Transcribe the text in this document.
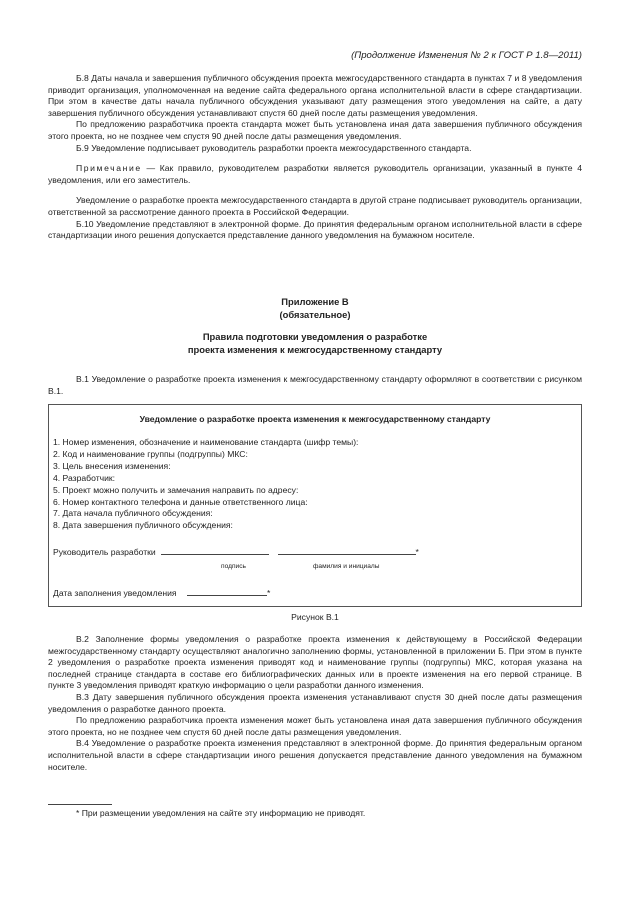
(Продолжение Изменения № 2 к ГОСТ Р 1.8—2011)

Б.8 Даты начала и завершения публичного обсуждения проекта межгосударственного стандарта в пунктах 7 и 8 уведомления приводит организация, уполномоченная на ведение сайта федерального органа исполнительной власти в сфере стандартизации. При этом в качестве даты начала публичного обсуждения указывают дату размещения этого уведомления на сайте, а дату завершения публичного обсуждения устанавливают спустя 60 дней после даты размещения уведомления.

По предложению разработчика проекта стандарта может быть установлена иная дата завершения публичного обсуждения этого проекта, но не позднее чем спустя 90 дней после даты размещения уведомления.

Б.9 Уведомление подписывает руководитель разработки проекта межгосударственного стандарта.

Примечание — Как правило, руководителем разработки является руководитель организации, указанный в пункте 4 уведомления, или его заместитель.

Уведомление о разработке проекта межгосударственного стандарта в другой стране подписывает руководитель организации, ответственной за рассмотрение данного проекта в Российской Федерации.

Б.10 Уведомление представляют в электронной форме. До принятия федеральным органом исполнительной власти в сфере стандартизации иного решения допускается представление данного уведомления на бумажном носителе.

Приложение В
(обязательное)
Правила подготовки уведомления о разработке
проекта изменения к межгосударственному стандарту

В.1 Уведомление о разработке проекта изменения к межгосударственному стандарту оформляют в соответствии с рисунком В.1.

Уведомление о разработке проекта изменения к межгосударственному стандарту
1. Номер изменения, обозначение и наименование стандарта (шифр темы):
2. Код и наименование группы (подгруппы) МКС:
3. Цель внесения изменения:
4. Разработчик:
5. Проект можно получить и замечания направить по адресу:
6. Номер контактного телефона и данные ответственного лица:
7. Дата начала публичного обсуждения:
8. Дата завершения публичного обсуждения:
Руководитель разработки	*
подпись	фамилия и инициалы
Дата заполнения уведомления	*
Рисунок В.1

В.2 Заполнение формы уведомления о разработке проекта изменения к действующему в Российской Федерации межгосударственному стандарту осуществляют аналогично заполнению формы, установленной в приложении Б. При этом в пункте 2 уведомления о разработке проекта изменения приводят код и наименование группы (подгруппы) МКС, которая указана на последней странице стандарта в составе его библиографических данных или в проекте изменения на его первой странице. В пункте 3 уведомления приводят краткую информацию о цели разработки данного изменения.

В.3 Дату завершения публичного обсуждения проекта изменения устанавливают спустя 30 дней после даты размещения уведомления о разработке данного проекта.

По предложению разработчика проекта изменения может быть установлена иная дата завершения публичного обсуждения этого проекта, но не позднее чем спустя 60 дней после даты размещения уведомления.

В.4 Уведомление о разработке проекта изменения представляют в электронной форме. До принятия федеральным органом исполнительной власти в сфере стандартизации иного решения допускается представление данного уведомления на бумажном носителе.

* При размещении уведомления на сайте эту информацию не приводят.
